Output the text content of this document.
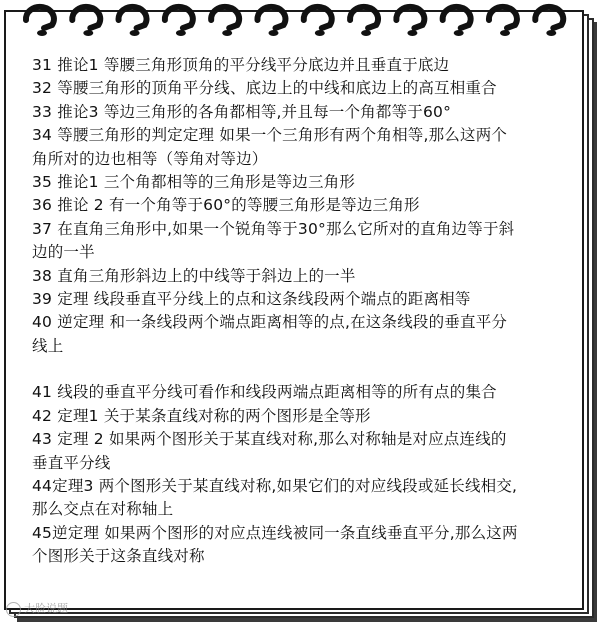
31 推论1 等腰三角形顶角的平分线平分底边并且垂直于底边
32 等腰三角形的顶角平分线、底边上的中线和底边上的高互相重合
33 推论3 等边三角形的各角都相等,并且每一个角都等于60°
34 等腰三角形的判定定理 如果一个三角形有两个角相等,那么这两个
角所对的边也相等（等角对等边）
35 推论1 三个角都相等的三角形是等边三角形
36 推论 2 有一个角等于60°的等腰三角形是等边三角形
37 在直角三角形中,如果一个锐角等于30°那么它所对的直角边等于斜
边的一半
38 直角三角形斜边上的中线等于斜边上的一半
39 定理 线段垂直平分线上的点和这条线段两个端点的距离相等
40 逆定理 和一条线段两个端点距离相等的点,在这条线段的垂直平分
线上
41 线段的垂直平分线可看作和线段两端点距离相等的所有点的集合
42 定理1 关于某条直线对称的两个图形是全等形
43 定理 2 如果两个图形关于某直线对称,那么对称轴是对应点连线的
垂直平分线
44定理3 两个图形关于某直线对称,如果它们的对应线段或延长线相交,
那么交点在对称轴上
45逆定理 如果两个图形的对应点连线被同一条直线垂直平分,那么这两
个图形关于这条直线对称
大脸说题
